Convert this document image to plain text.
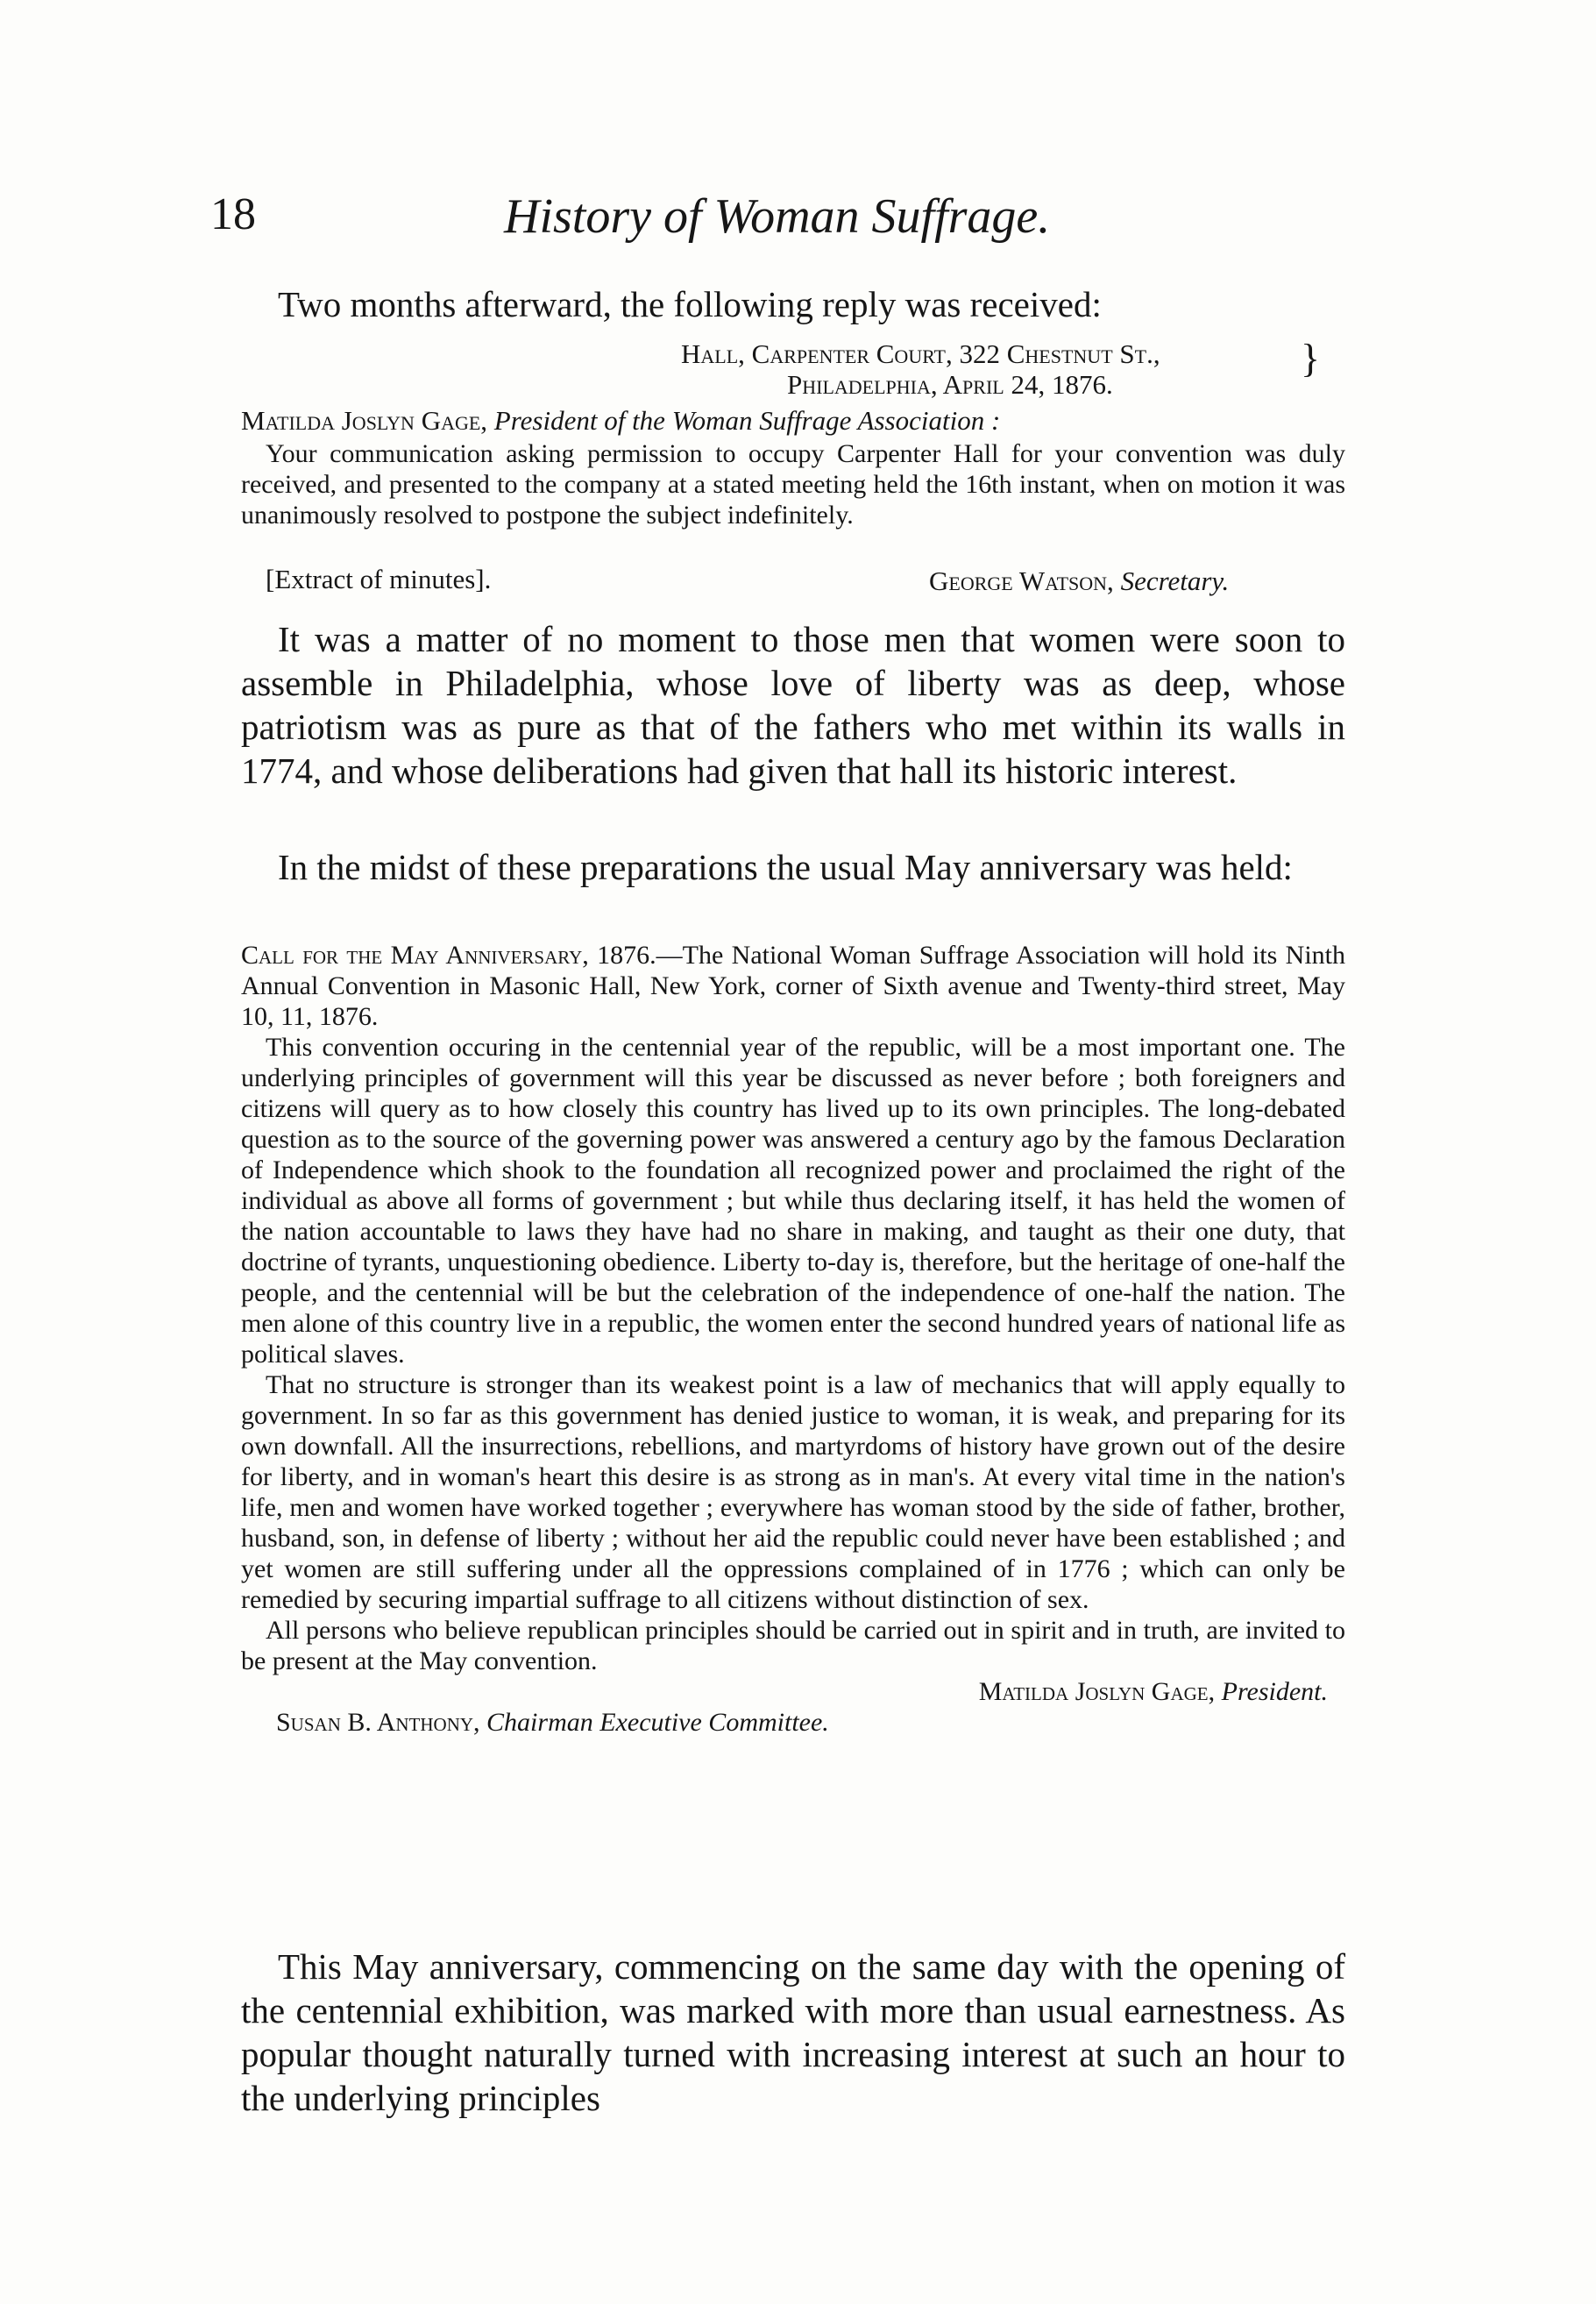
18	History of Woman Suffrage.

Two months afterward, the following reply was received:

Hall, Carpenter Court, 322 Chestnut St.,
Philadelphia, April 24, 1876.
}
Matilda Joslyn Gage, President of the Woman Suffrage Association :

Your communication asking permission to occupy Carpenter Hall for your convention was duly received, and presented to the company at a stated meeting held the 16th instant, when on motion it was unanimously resolved to postpone the subject indefinitely.

[Extract of minutes].	George Watson, Secretary.

It was a matter of no moment to those men that women were soon to assemble in Philadelphia, whose love of liberty was as deep, whose patriotism was as pure as that of the fathers who met within its walls in 1774, and whose deliberations had given that hall its historic interest.

In the midst of these preparations the usual May anniversary was held:

Call for the May Anniversary, 1876.—The National Woman Suffrage Association will hold its Ninth Annual Convention in Masonic Hall, New York, corner of Sixth avenue and Twenty-third street, May 10, 11, 1876.

This convention occuring in the centennial year of the republic, will be a most important one. The underlying principles of government will this year be discussed as never before ; both foreigners and citizens will query as to how closely this country has lived up to its own principles. The long-debated question as to the source of the governing power was answered a century ago by the famous Declaration of Independence which shook to the foundation all recognized power and proclaimed the right of the individual as above all forms of government ; but while thus declaring itself, it has held the women of the nation accountable to laws they have had no share in making, and taught as their one duty, that doctrine of tyrants, unquestioning obedience. Liberty to-day is, therefore, but the heritage of one-half the people, and the centennial will be but the celebration of the independence of one-half the nation. The men alone of this country live in a republic, the women enter the second hundred years of national life as political slaves.

That no structure is stronger than its weakest point is a law of mechanics that will apply equally to government. In so far as this government has denied justice to woman, it is weak, and preparing for its own downfall. All the insurrections, rebellions, and martyrdoms of history have grown out of the desire for liberty, and in woman's heart this desire is as strong as in man's. At every vital time in the nation's life, men and women have worked together ; everywhere has woman stood by the side of father, brother, husband, son, in defense of liberty ; without her aid the republic could never have been established ; and yet women are still suffering under all the oppressions complained of in 1776 ; which can only be remedied by securing impartial suffrage to all citizens without distinction of sex.

All persons who believe republican principles should be carried out in spirit and in truth, are invited to be present at the May convention.

Matilda Joslyn Gage, President.
Susan B. Anthony, Chairman Executive Committee.

This May anniversary, commencing on the same day with the opening of the centennial exhibition, was marked with more than usual earnestness. As popular thought naturally turned with increasing interest at such an hour to the underlying principles
